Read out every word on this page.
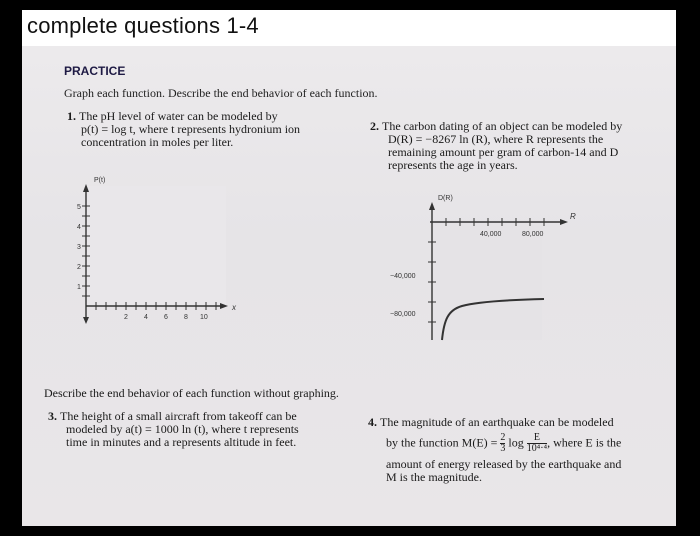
complete questions 1-4
PRACTICE
Graph each function. Describe the end behavior of each function.
1. The pH level of water can be modeled by
p(t) = log t, where t represents hydronium ion
concentration in moles per liter.
2. The carbon dating of an object can be modeled by
D(R) = −8267 ln (R), where R represents the
remaining amount per gram of carbon-14 and D
represents the age in years.
P(t)
x
1
2
3
4
5
2 4 6 8 10
D(R)
R
40,000	80,000
−40,000
−80,000
Describe the end behavior of each function without graphing.
3. The height of a small aircraft from takeoff can be
modeled by a(t) = 1000 ln (t), where t represents
time in minutes and a represents altitude in feet.
4. The magnitude of an earthquake can be modeled
by the function $M(E) = \frac{2}{3}$ $\log \frac{E}{\text{10⁴·⁴}}$ , where E is the
amount of energy released by the earthquake and
M is the magnitude.
